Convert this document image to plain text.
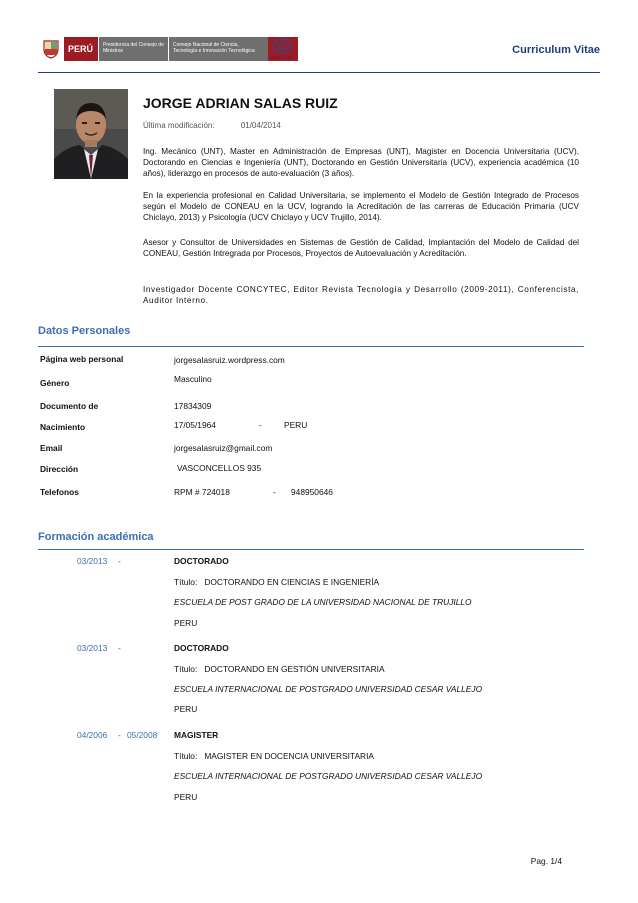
PERÚ	Presidencia del Consejo de Ministros
Consejo Nacional de Ciencia, Tecnología e Innovación Tecnológica
CONCYTEC
Curriculum Vitae
JORGE ADRIAN SALAS RUIZ
Última modificación:	01/04/2014
Ing. Mecánico (UNT), Master en Administración de Empresas (UNT), Magister en Docencia Universitaria (UCV), Doctorando en Ciencias e Ingeniería (UNT), Doctorando en Gestión Universitaria (UCV), experiencia académica (10 años), liderazgo en procesos de auto-evaluación (3 años).
En la experiencia profesional en Calidad Universitaria, se implemento el Modelo de Gestión Integrado de Procesos según el Modelo de CONEAU en la UCV, logrando la Acreditación de las carreras de Educación Primaria (UCV Chiclayo, 2013) y Psicología (UCV Chiclayo y UCV Trujillo, 2014).
Asesor y Consultor de Universidades en Sistemas de Gestión de Calidad, Implantación del Modelo de Calidad del CONEAU, Gestión Intregrada por Procesos, Proyectos de Autoevaluación y Acreditación.
Investigador Docente CONCYTEC, Editor Revista Tecnología y Desarrollo (2009-2011), Conferencista, Auditor Interno.
Datos Personales
Página web personal	jorgesalasruiz.wordpress.com
Género	Masculino
Documento de	17834309
Nacimiento	17/05/1964	-	PERU
Email	jorgesalasruiz@gmail.com
Dirección	VASCONCELLOS 935
Telefonos	RPM # 724018	- 948950646
Formación académica
03/2013 -	DOCTORADO
Título: DOCTORANDO EN CIENCIAS E INGENIERÍA
ESCUELA DE POST GRADO DE LA UNIVERSIDAD NACIONAL DE TRUJILLO
PERU
03/2013 -	DOCTORADO
Título: DOCTORANDO EN GESTIÓN UNIVERSITARIA
ESCUELA INTERNACIONAL DE POSTGRADO UNIVERSIDAD CESAR VALLEJO
PERU
04/2006 - 05/2008 MAGISTER
Título: MAGISTER EN DOCENCIA UNIVERSITARIA
ESCUELA INTERNACIONAL DE POSTGRADO UNIVERSIDAD CESAR VALLEJO
PERU
Pag. 1/4
